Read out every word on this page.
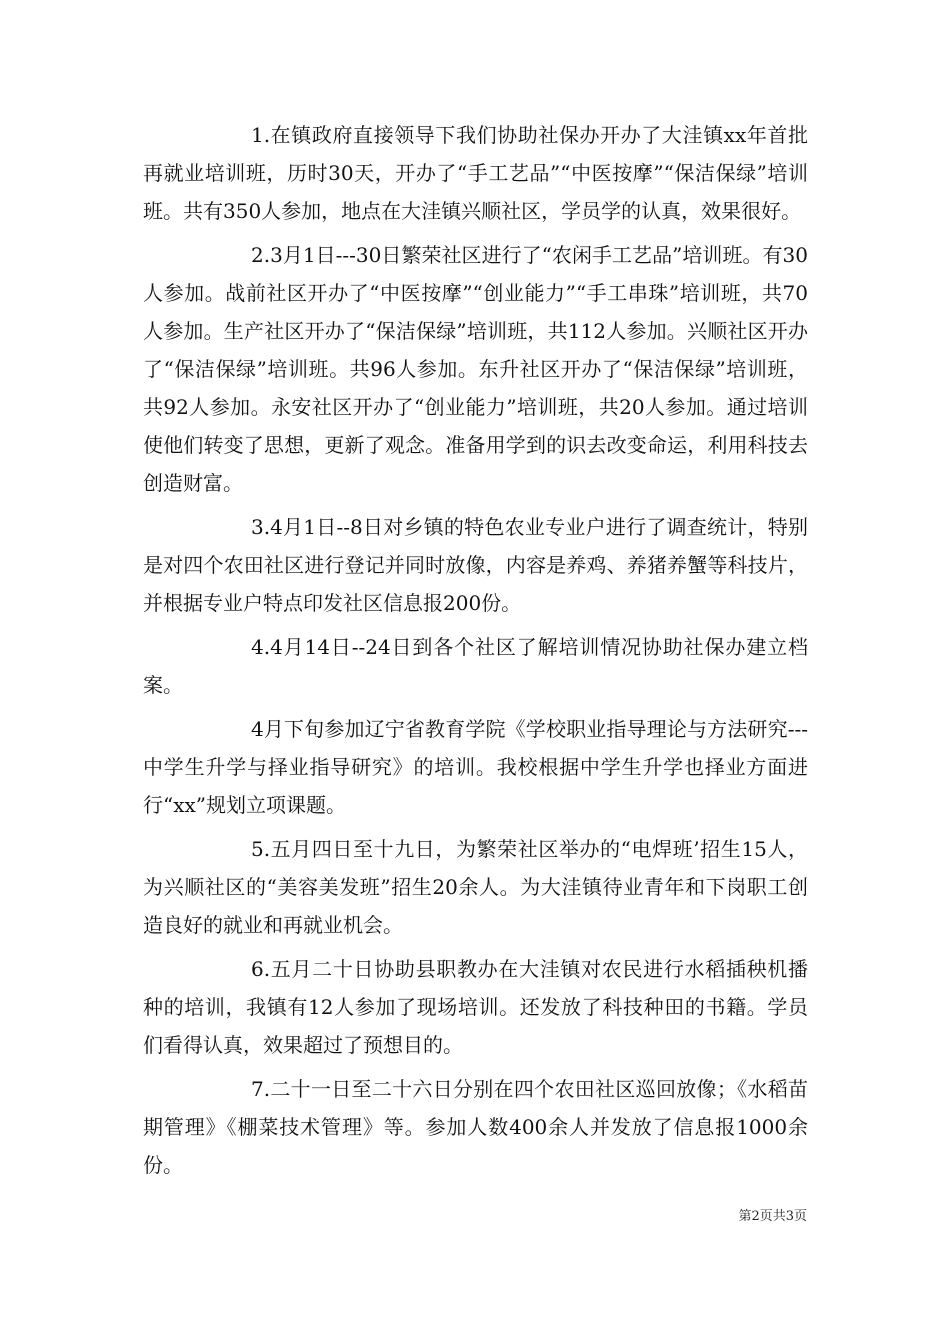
1.在镇政府直接领导下我们协助社保办开办了大洼镇xx年首批再就业培训班，历时30天，开办了“手工艺品”“中医按摩”“保洁保绿”培训班。共有350人参加，地点在大洼镇兴顺社区，学员学的认真，效果很好。

2.3月1日---30日繁荣社区进行了“农闲手工艺品”培训班。有30人参加。战前社区开办了“中医按摩”“创业能力”“手工串珠”培训班，共70人参加。生产社区开办了“保洁保绿”培训班，共112人参加。兴顺社区开办了“保洁保绿”培训班。共96人参加。东升社区开办了“保洁保绿”培训班，共92人参加。永安社区开办了“创业能力”培训班，共20人参加。通过培训使他们转变了思想，更新了观念。准备用学到的识去改变命运，利用科技去创造财富。

3.4月1日--8日对乡镇的特色农业专业户进行了调查统计，特别是对四个农田社区进行登记并同时放像，内容是养鸡、养猪养蟹等科技片，并根据专业户特点印发社区信息报200份。

4.4月14日--24日到各个社区了解培训情况协助社保办建立档案。

4月下旬参加辽宁省教育学院《学校职业指导理论与方法研究---中学生升学与择业指导研究》的培训。我校根据中学生升学也择业方面进行“xx”规划立项课题。

5.五月四日至十九日，为繁荣社区举办的“电焊班’招生15人，为兴顺社区的“美容美发班”招生20余人。为大洼镇待业青年和下岗职工创造良好的就业和再就业机会。

6.五月二十日协助县职教办在大洼镇对农民进行水稻插秧机播种的培训，我镇有12人参加了现场培训。还发放了科技种田的书籍。学员们看得认真，效果超过了预想目的。

7.二十一日至二十六日分别在四个农田社区巡回放像；《水稻苗期管理》《棚菜技术管理》等。参加人数400余人并发放了信息报1000余份。

第2页共3页
